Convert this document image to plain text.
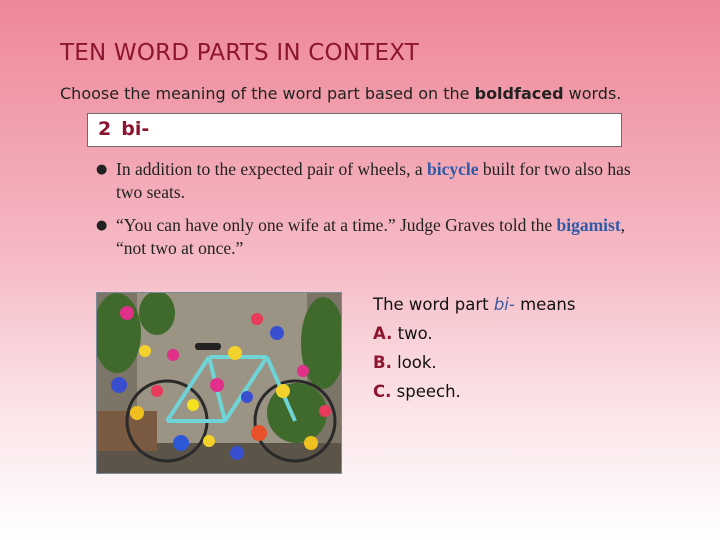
TEN WORD PARTS IN CONTEXT
Choose the meaning of the word part based on the boldfaced words.
2 bi-
● In addition to the expected pair of wheels, a bicycle built for two also has two seats.
● “You can have only one wife at a time.” Judge Graves told the bigamist, “not two at once.”
The word part bi- means
A. two.
B. look.
C. speech.
